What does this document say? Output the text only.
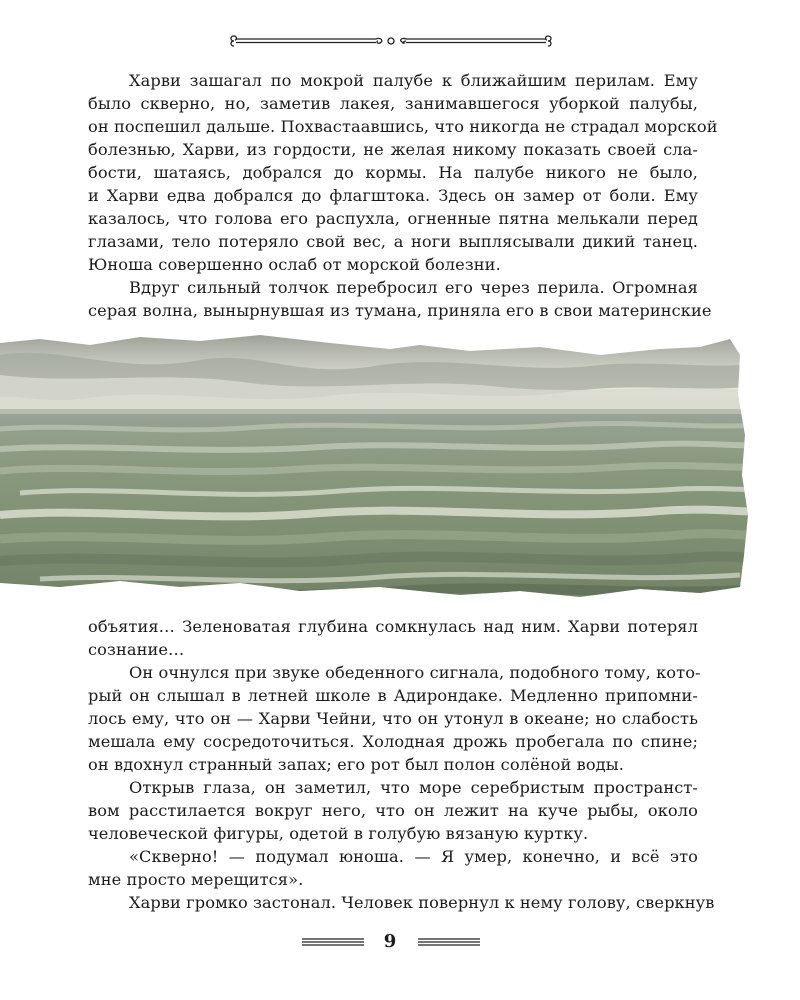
Харви зашагал по мокрой палубе к ближайшим перилам. Ему
было скверно, но, заметив лакея, занимавшегося уборкой палубы,
он поспешил дальше. Похвастаавшись, что никогда не страдал морской
болезнью, Харви, из гордости, не желая никому показать своей сла-
бости, шатаясь, добрался до кормы. На палубе никого не было,
и Харви едва добрался до флагштока. Здесь он замер от боли. Ему
казалось, что голова его распухла, огненные пятна мелькали перед
глазами, тело потеряло свой вес, а ноги выплясывали дикий танец.
Юноша совершенно ослаб от морской болезни.
Вдруг сильный толчок перебросил его через перила. Огромная
серая волна, вынырнувшая из тумана, приняла его в свои материнские
объятия… Зеленоватая глубина сомкнулась над ним. Харви потерял
сознание…
Он очнулся при звуке обеденного сигнала, подобного тому, кото-
рый он слышал в летней школе в Адирондаке. Медленно припомни-
лось ему, что он — Харви Чейни, что он утонул в океане; но слабость
мешала ему сосредоточиться. Холодная дрожь пробегала по спине;
он вдохнул странный запах; его рот был полон солёной воды.
Открыв глаза, он заметил, что море серебристым пространст-
вом расстилается вокруг него, что он лежит на куче рыбы, около
человеческой фигуры, одетой в голубую вязаную куртку.
«Скверно! — подумал юноша. — Я умер, конечно, и всё это
мне просто мерещится».
Харви громко застонал. Человек повернул к нему голову, сверкнув
9
